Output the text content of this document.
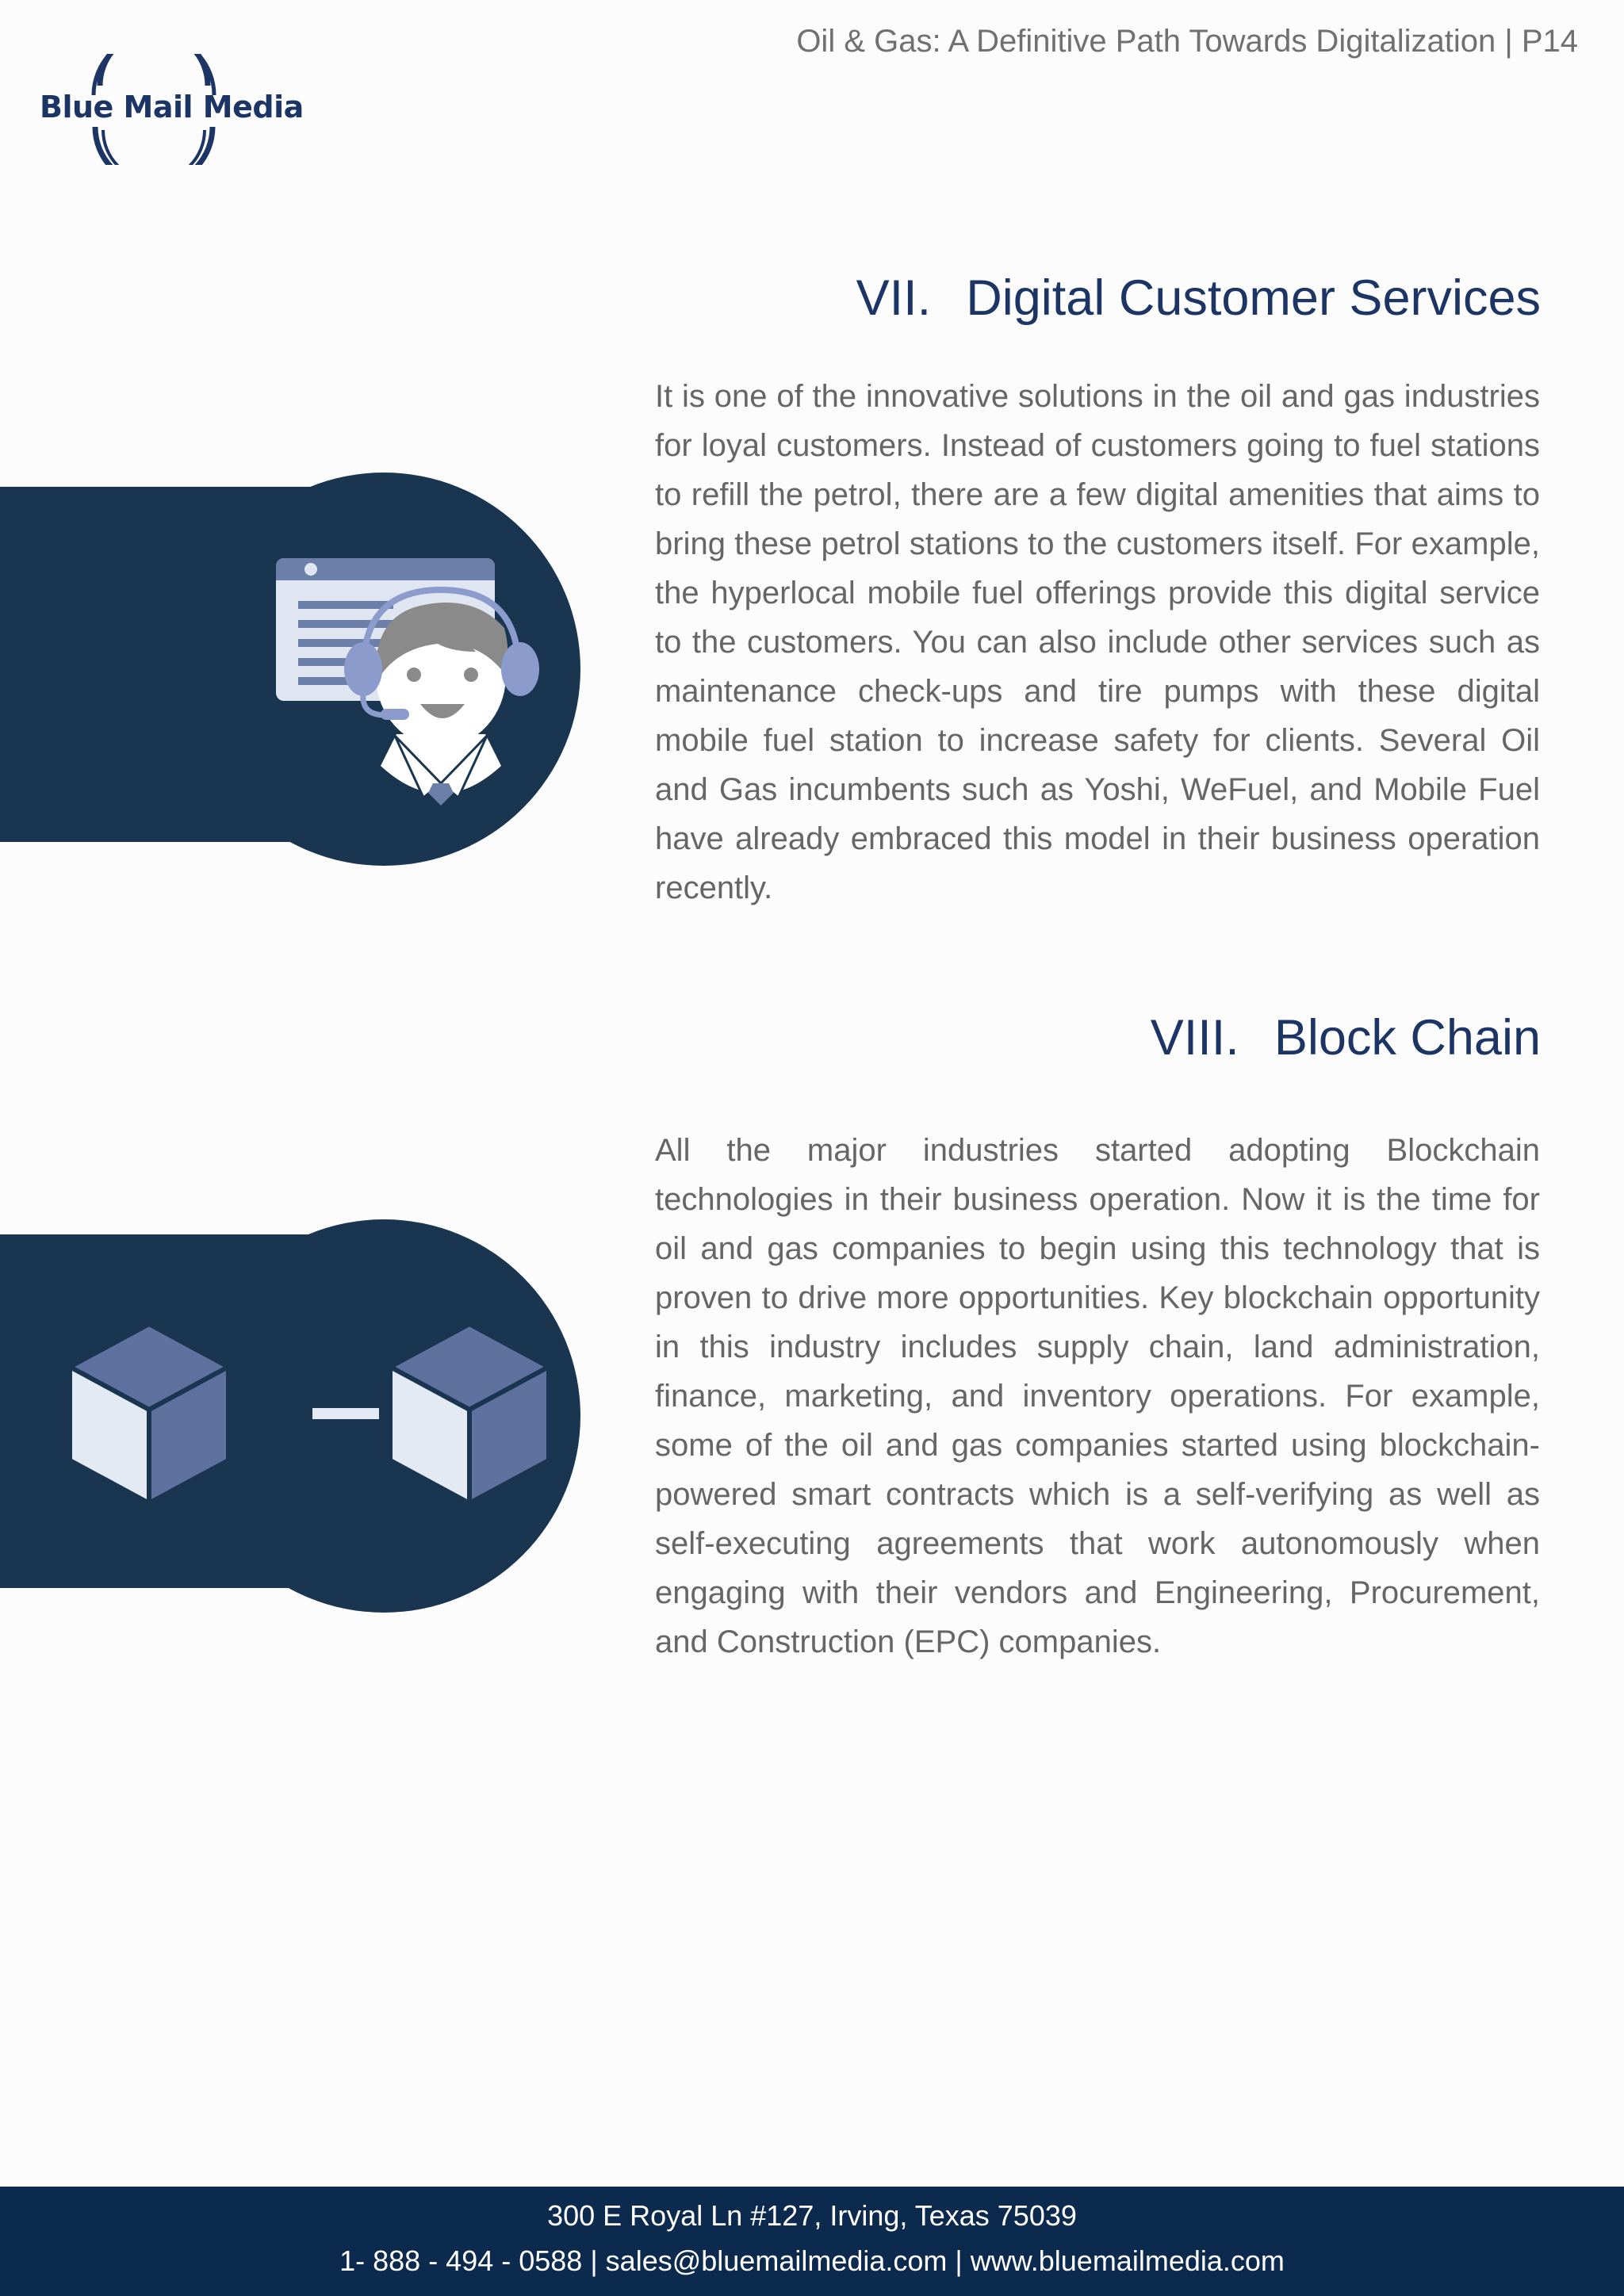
Blue Mail Media
Oil & Gas: A Definitive Path Towards Digitalization | P14
VII. Digital Customer Services
It is one of the innovative solutions in the oil and gas industries for loyal customers. Instead of customers going to fuel stations to refill the petrol, there are a few digital amenities that aims to bring these petrol stations to the customers itself. For example, the hyperlocal mobile fuel offerings provide this digital service to the customers. You can also include other services such as maintenance check-ups and tire pumps with these digital mobile fuel station to increase safety for clients. Several Oil and Gas incumbents such as Yoshi, WeFuel, and Mobile Fuel have already embraced this model in their business operation recently.
VIII. Block Chain
All the major industries started adopting Blockchain technologies in their business operation. Now it is the time for oil and gas companies to begin using this technology that is proven to drive more opportunities. Key blockchain opportunity in this industry includes supply chain, land administration, finance, marketing, and inventory operations. For example, some of the oil and gas companies started using blockchain-powered smart contracts which is a self-verifying as well as self-executing agreements that work autonomously when engaging with their vendors and Engineering, Procurement, and Construction (EPC) companies.
300 E Royal Ln #127, Irving, Texas 75039
1- 888 - 494 - 0588 | sales@bluemailmedia.com | www.bluemailmedia.com
